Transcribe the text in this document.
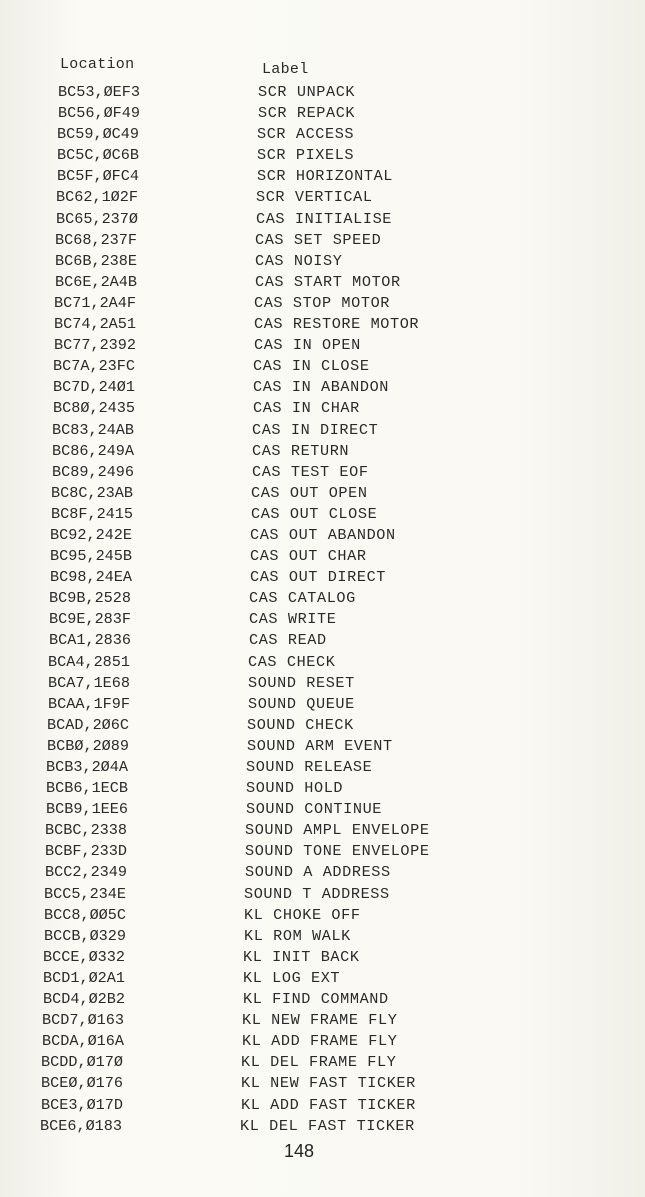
Location	Label
BC53,ØEF3	SCR UNPACK
BC56,ØF49	SCR REPACK
BC59,ØC49	SCR ACCESS
BC5C,ØC6B	SCR PIXELS
BC5F,ØFC4	SCR HORIZONTAL
BC62,1Ø2F	SCR VERTICAL
BC65,237Ø	CAS INITIALISE
BC68,237F	CAS SET SPEED
BC6B,238E	CAS NOISY
BC6E,2A4B	CAS START MOTOR
BC71,2A4F	CAS STOP MOTOR
BC74,2A51	CAS RESTORE MOTOR
BC77,2392	CAS IN OPEN
BC7A,23FC	CAS IN CLOSE
BC7D,24Ø1	CAS IN ABANDON
BC8Ø,2435	CAS IN CHAR
BC83,24AB	CAS IN DIRECT
BC86,249A	CAS RETURN
BC89,2496	CAS TEST EOF
BC8C,23AB	CAS OUT OPEN
BC8F,2415	CAS OUT CLOSE
BC92,242E	CAS OUT ABANDON
BC95,245B	CAS OUT CHAR
BC98,24EA	CAS OUT DIRECT
BC9B,2528	CAS CATALOG
BC9E,283F	CAS WRITE
BCA1,2836	CAS READ
BCA4,2851	CAS CHECK
BCA7,1E68	SOUND RESET
BCAA,1F9F	SOUND QUEUE
BCAD,2Ø6C	SOUND CHECK
BCBØ,2Ø89	SOUND ARM EVENT
BCB3,2Ø4A	SOUND RELEASE
BCB6,1ECB	SOUND HOLD
BCB9,1EE6	SOUND CONTINUE
BCBC,2338	SOUND AMPL ENVELOPE
BCBF,233D	SOUND TONE ENVELOPE
BCC2,2349	SOUND A ADDRESS
BCC5,234E	SOUND T ADDRESS
BCC8,ØØ5C	KL CHOKE OFF
BCCB,Ø329	KL ROM WALK
BCCE,Ø332	KL INIT BACK
BCD1,Ø2A1	KL LOG EXT
BCD4,Ø2B2	KL FIND COMMAND
BCD7,Ø163	KL NEW FRAME FLY
BCDA,Ø16A	KL ADD FRAME FLY
BCDD,Ø17Ø	KL DEL FRAME FLY
BCEØ,Ø176	KL NEW FAST TICKER
BCE3,Ø17D	KL ADD FAST TICKER
BCE6,Ø183	KL DEL FAST TICKER
148
